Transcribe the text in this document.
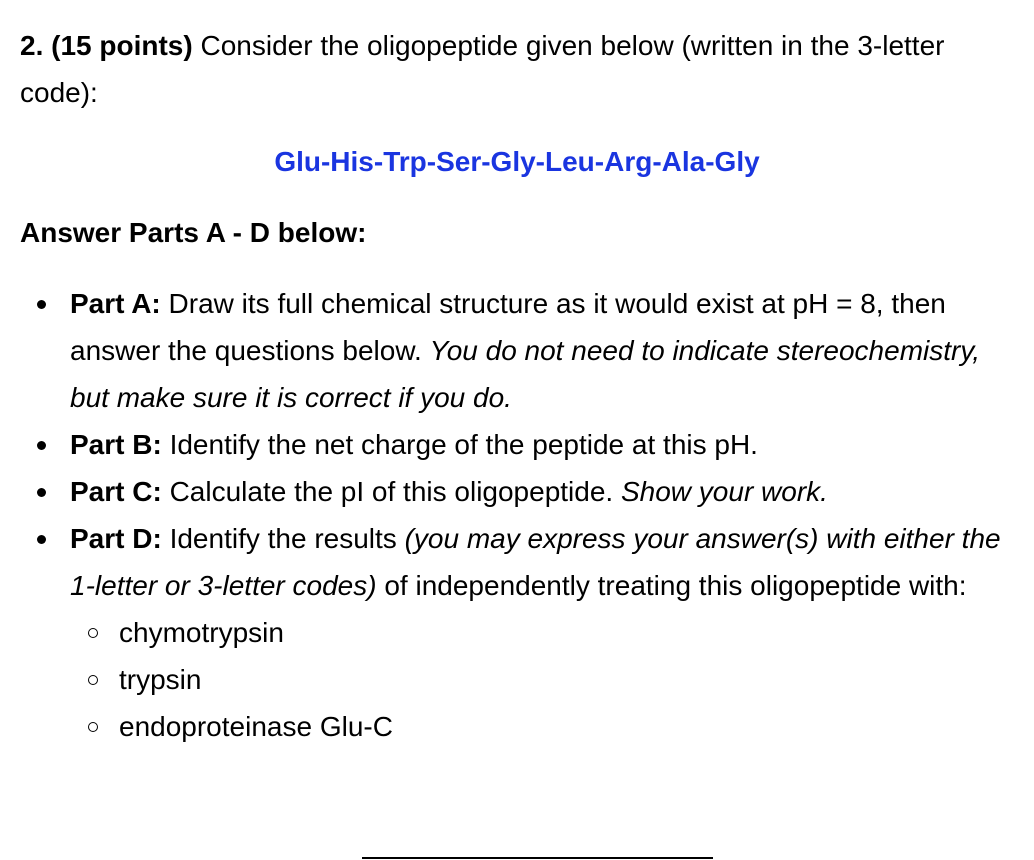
2. (15 points) Consider the oligopeptide given below (written in the 3-letter code):

Glu-His-Trp-Ser-Gly-Leu-Arg-Ala-Gly

Answer Parts A - D below:

Part A: Draw its full chemical structure as it would exist at pH = 8, then answer the questions below. You do not need to indicate stereochemistry, but make sure it is correct if you do.
Part B: Identify the net charge of the peptide at this pH.
Part C: Calculate the pI of this oligopeptide. Show your work.
Part D: Identify the results (you may express your answer(s) with either the 1-letter or 3-letter codes) of independently treating this oligopeptide with:
chymotrypsin
trypsin
endoproteinase Glu-C
